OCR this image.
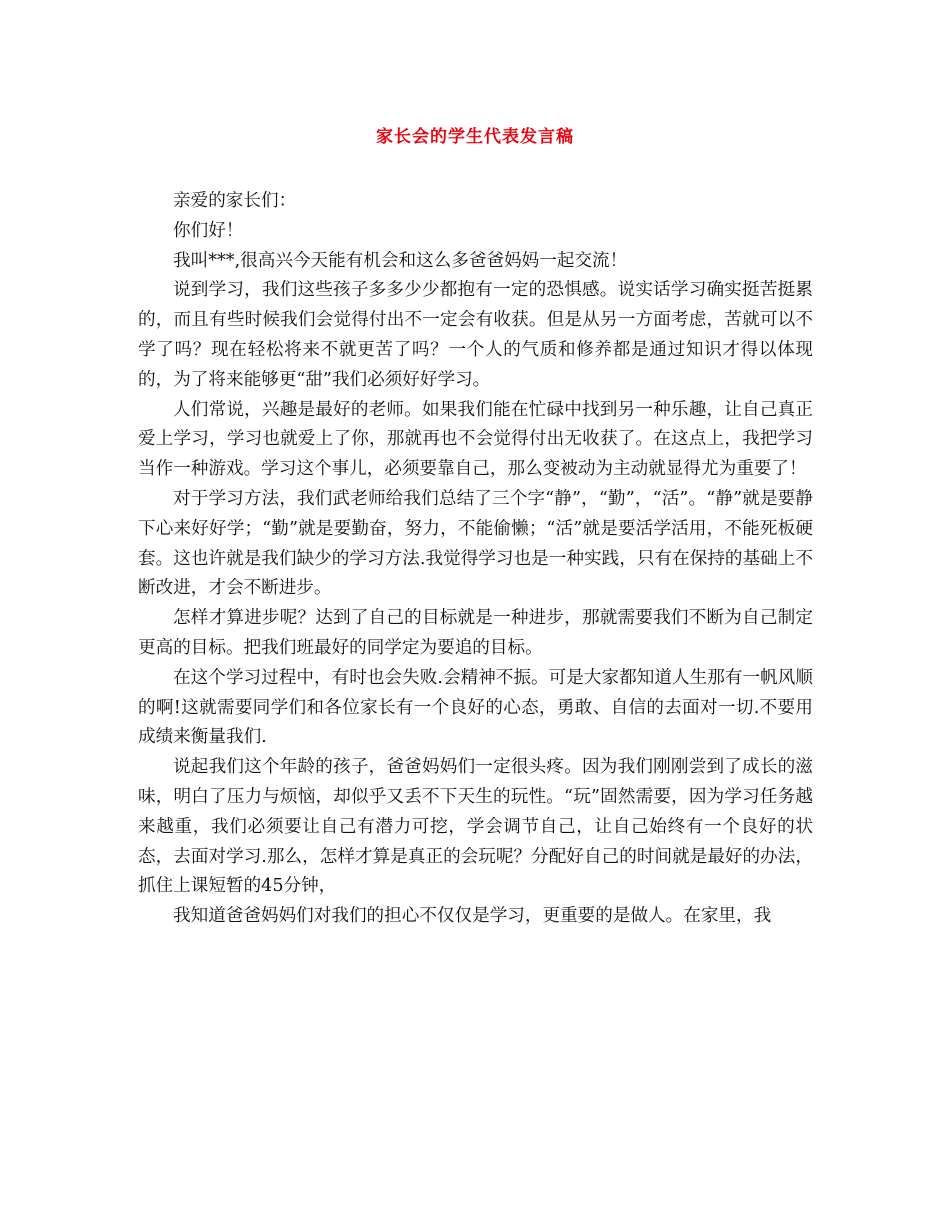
家长会的学生代表发言稿

亲爱的家长们：

你们好！

我叫***,很高兴今天能有机会和这么多爸爸妈妈一起交流！

说到学习，我们这些孩子多多少少都抱有一定的恐惧感。说实话学习确实挺苦挺累的，而且有些时候我们会觉得付出不一定会有收获。但是从另一方面考虑，苦就可以不学了吗？现在轻松将来不就更苦了吗？一个人的气质和修养都是通过知识才得以体现的，为了将来能够更“甜”我们必须好好学习。

人们常说，兴趣是最好的老师。如果我们能在忙碌中找到另一种乐趣，让自己真正爱上学习，学习也就爱上了你，那就再也不会觉得付出无收获了。在这点上，我把学习当作一种游戏。学习这个事儿，必须要靠自己，那么变被动为主动就显得尤为重要了！

对于学习方法，我们武老师给我们总结了三个字“静”，“勤”，“活”。“静”就是要静下心来好好学；“勤”就是要勤奋，努力，不能偷懒；“活”就是要活学活用，不能死板硬套。这也许就是我们缺少的学习方法.我觉得学习也是一种实践，只有在保持的基础上不断改进，才会不断进步。

怎样才算进步呢？达到了自己的目标就是一种进步，那就需要我们不断为自己制定更高的目标。把我们班最好的同学定为要追的目标。

在这个学习过程中，有时也会失败.会精神不振。可是大家都知道人生那有一帆风顺的啊!这就需要同学们和各位家长有一个良好的心态，勇敢、自信的去面对一切.不要用成绩来衡量我们.

说起我们这个年龄的孩子，爸爸妈妈们一定很头疼。因为我们刚刚尝到了成长的滋味，明白了压力与烦恼，却似乎又丢不下天生的玩性。“玩”固然需要，因为学习任务越来越重，我们必须要让自己有潜力可挖，学会调节自己，让自己始终有一个良好的状态，去面对学习.那么，怎样才算是真正的会玩呢？分配好自己的时间就是最好的办法，抓住上课短暂的45分钟，

我知道爸爸妈妈们对我们的担心不仅仅是学习，更重要的是做人。在家里，我
